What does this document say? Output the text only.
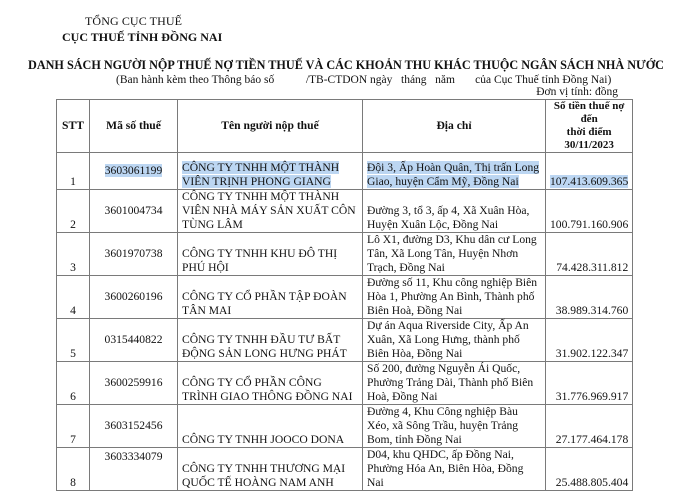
TỔNG CỤC THUẾ
CỤC THUẾ TỈNH ĐỒNG NAI
DANH SÁCH NGƯỜI NỘP THUẾ NỢ TIỀN THUẾ VÀ CÁC KHOẢN THU KHÁC THUỘC NGÂN SÁCH NHÀ NƯỚC
(Ban hành kèm theo Thông báo số           /TB-CTDON ngày   tháng   năm       của Cục Thuế tỉnh Đồng Nai)
Đơn vị tính: đồng
STT	Mã số thuế	Tên người nộp thuế	Địa chỉ	Số tiền thuế nợ đến
thời điểm
30/11/2023
1	3603061199	CÔNG TY TNHH MỘT THÀNH VIÊN TRỊNH PHONG GIANG	Đội 3, Ấp Hoàn Quân, Thị trấn Long Giao, huyện Cẩm Mỹ, Đồng Nai	107.413.609.365
2	3601004734	CÔNG TY TNHH MỘT THÀNH VIÊN NHÀ MÁY SẢN XUẤT CÔN TÙNG LÂM	Đường 3, tổ 3, ấp 4, Xã Xuân Hòa, Huyện Xuân Lộc, Đồng Nai	100.791.160.906
3	3601970738	CÔNG TY TNHH KHU ĐÔ THỊ PHÚ HỘI	Lô X1, đường D3, Khu dân cư Long Tân, Xã Long Tân, Huyện Nhơn Trạch, Đồng Nai	74.428.311.812
4	3600260196	CÔNG TY CỔ PHẦN TẬP ĐOÀN TÂN MAI	Đường số 11, Khu công nghiệp Biên Hòa 1, Phường An Bình, Thành phố Biên Hoà, Đồng Nai	38.989.314.760
5	0315440822	CÔNG TY TNHH ĐẦU TƯ BẤT ĐỘNG SẢN LONG HƯNG PHÁT	Dự án Aqua Riverside City, Ấp An Xuân, Xã Long Hưng, thành phố Biên Hòa, Đồng Nai	31.902.122.347
6	3600259916	CÔNG TY CỔ PHẦN CÔNG TRÌNH GIAO THÔNG ĐỒNG NAI	Số 200, đường Nguyễn Ái Quốc, Phường Trảng Dài, Thành phố Biên Hoà, Đồng Nai	31.776.969.917
7	3603152456	CÔNG TY TNHH JOOCO DONA	Đường 4, Khu Công nghiệp Bàu Xéo, xã Sông Trầu, huyện Trảng Bom, tỉnh Đồng Nai	27.177.464.178
8	3603334079	CÔNG TY TNHH THƯƠNG MẠI QUỐC TẾ HOÀNG NAM ANH	D04, khu QHDC, ấp Đồng Nai, Phường Hóa An, Biên Hòa, Đồng Nai	25.488.805.404
